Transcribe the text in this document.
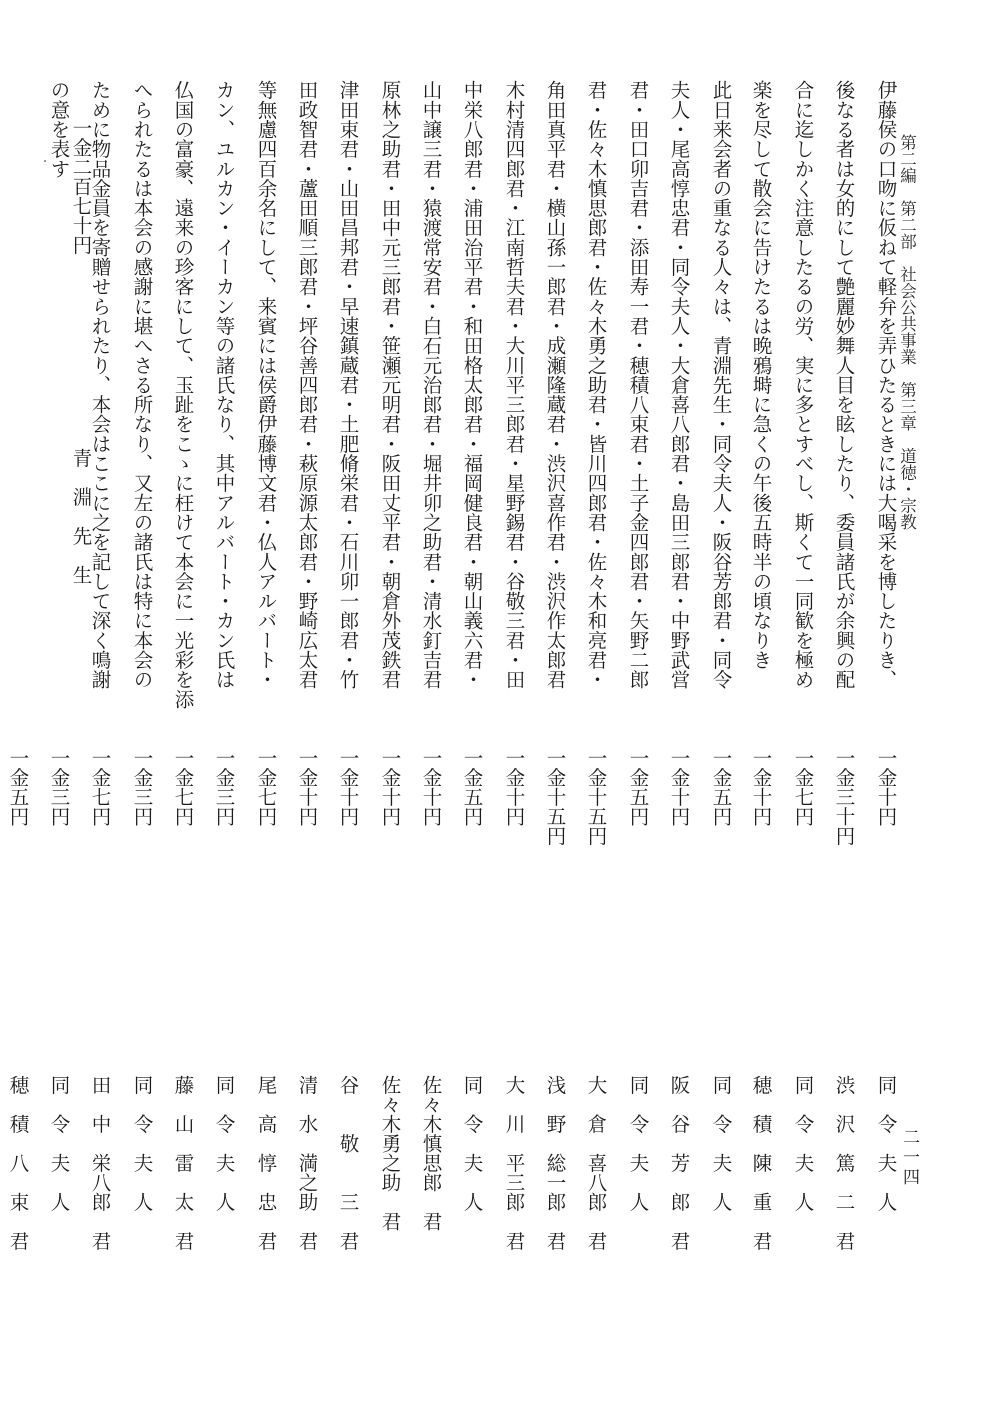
第二編　第二部　社会公共事業　第三章　道徳・宗教
二一四
伊藤侯の口吻に仮ねて軽弁を弄ひたるときには大喝采を博したりき、
後なる者は女的にして艶麗妙舞人目を眩したり、委員諸氏が余興の配
合に迄しかく注意したるの労、実に多とすべし、斯くて一同歓を極め
楽を尽して散会に告けたるは晩鴉塒に急くの午後五時半の頃なりき
此日来会者の重なる人々は、青淵先生・同令夫人・阪谷芳郎君・同令
夫人・尾高惇忠君・同令夫人・大倉喜八郎君・島田三郎君・中野武営
君・田口卯吉君・添田寿一君・穂積八束君・土子金四郎君・矢野二郎
君・佐々木慎思郎君・佐々木勇之助君・皆川四郎君・佐々木和亮君・
角田真平君・横山孫一郎君・成瀬隆蔵君・渋沢喜作君・渋沢作太郎君
木村清四郎君・江南哲夫君・大川平三郎君・星野錫君・谷敬三君・田
中栄八郎君・浦田治平君・和田格太郎君・福岡健良君・朝山義六君・
山中譲三君・猿渡常安君・白石元治郎君・堀井卯之助君・清水釘吉君
原林之助君・田中元三郎君・笹瀬元明君・阪田丈平君・朝倉外茂鉄君
津田束君・山田昌邦君・早速鎮蔵君・土肥脩栄君・石川卯一郎君・竹
田政智君・蘆田順三郎君・坪谷善四郎君・萩原源太郎君・野崎広太君
等無慮四百余名にして、来賓には侯爵伊藤博文君・仏人アルバート・
カン、ユルカン・イーカン等の諸氏なり、其中アルバート・カン氏は
仏国の富豪、遠来の珍客にして、玉趾をこゝに枉けて本会に一光彩を添
へられたるは本会の感謝に堪へさる所なり、又左の諸氏は特に本会の
ために物品金員を寄贈せられたり、本会はここに之を記して深く鳴謝
の意を表す 一金二百七十円
青　淵　先　生
一金十円
同　令　夫　人
一金三十円
渋　沢　篤　二　君
一金七円
同　令　夫　人
一金十円
穂　積　陳　重　君
一金五円
同　令　夫　人
一金十円
阪　谷　芳　郎　君
一金五円
同　令　夫　人
一金十五円
大　倉　喜八郎　君
一金十五円
浅　野　総一郎　君
一金十円
大　川　平三郎　君
一金五円
同　令　夫　人
一金十円
佐々木慎思郎　君
一金十円
佐々木勇之助　君
一金十円
谷　　敬　　三　君
一金十円
清　水　満之助　君
一金七円
尾　高　惇　忠　君
一金三円
同　令　夫　人
一金七円
藤　山　雷　太　君
一金三円
同　令　夫　人
一金七円
田　中　栄八郎　君
一金三円
同　令　夫　人
一金五円
穂　積　八　束　君
